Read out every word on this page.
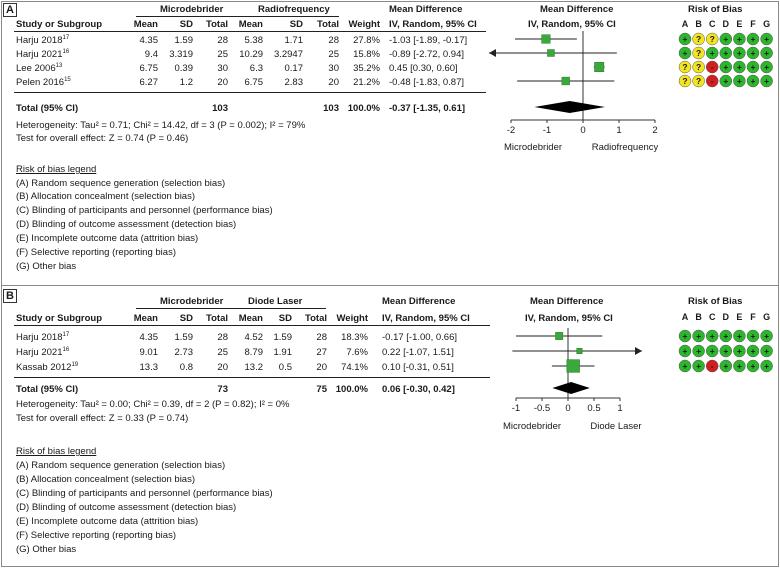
A	Microdebrider	Radiofrequency	Mean Difference	Mean Difference	Risk of Bias
Study or Subgroup	Mean	SD	Total	Mean	SD	Total	Weight IV, Random, 95% CI	IV, Random, 95% CI
Harju 2018$^{17}$	4.35	1.59	28	5.38	1.71	28	27.8% -1.03 [-1.89, -0.17]
Harju 2021$^{16}$	9.4	3.319	25	10.29 3.2947	25	15.8% -0.89 [-2.72, 0.94]
Lee 2006$^{13}$	6.75	0.39	30	6.3	0.17	30	35.2% 0.45 [0.30, 0.60]
Pelen 2016$^{15}$	6.27	1.2	20	6.75	2.83	20	21.2% -0.48 [-1.83, 0.87]
Total (95% CI)	103	103 100.0% -0.37 [-1.35, 0.61]
Heterogeneity: Tau² = 0.71; Chi² = 14.42, df = 3 (P = 0.002); I² = 79%
Test for overall effect: Z = 0.74 (P = 0.46)
Microdebrider	Radiofrequency
Risk of bias legend
(A) Random sequence generation (selection bias)
(B) Allocation concealment (selection bias)
(C) Blinding of participants and personnel (performance bias)
(D) Blinding of outcome assessment (detection bias)
(E) Incomplete outcome data (attrition bias)
(F) Selective reporting (reporting bias)
(G) Other bias
B	Microdebrider	Diode Laser	Mean Difference	Mean Difference	Risk of Bias
Study or Subgroup	Mean	SD	Total	Mean	SD	Total	Weight IV, Random, 95% CI	IV, Random, 95% CI
Harju 2018$^{17}$	4.35	1.59	28	4.52	1.59	28	18.3% -0.17 [-1.00, 0.66]
Harju 2021$^{16}$	9.01	2.73	25	8.79	1.91	27	7.6% 0.22 [-1.07, 1.51]
Kassab 2012$^{19}$	13.3	0.8	20	13.2	0.5	20	74.1% 0.10 [-0.31, 0.51]
Total (95% CI)	73	75 100.0% 0.06 [-0.30, 0.42]
Heterogeneity: Tau² = 0.00; Chi² = 0.39, df = 2 (P = 0.82); I² = 0%
Test for overall effect: Z = 0.33 (P = 0.74)
Microdebrider	Diode Laser
Risk of bias legend
(A) Random sequence generation (selection bias)
(B) Allocation concealment (selection bias)
(C) Blinding of participants and personnel (performance bias)
(D) Blinding of outcome assessment (detection bias)
(E) Incomplete outcome data (attrition bias)
(F) Selective reporting (reporting bias)
(G) Other bias
-2	-1	0	1	2
A B C D E F G
+ ? ? + + + +
+ ? + + + + +
? ? - + + + +
? ? - + + + +
-1 -0.5 0 0.5 1
A B C D E F G
+ + + + + + +
+ + + + + + +
+ + - + + + +
